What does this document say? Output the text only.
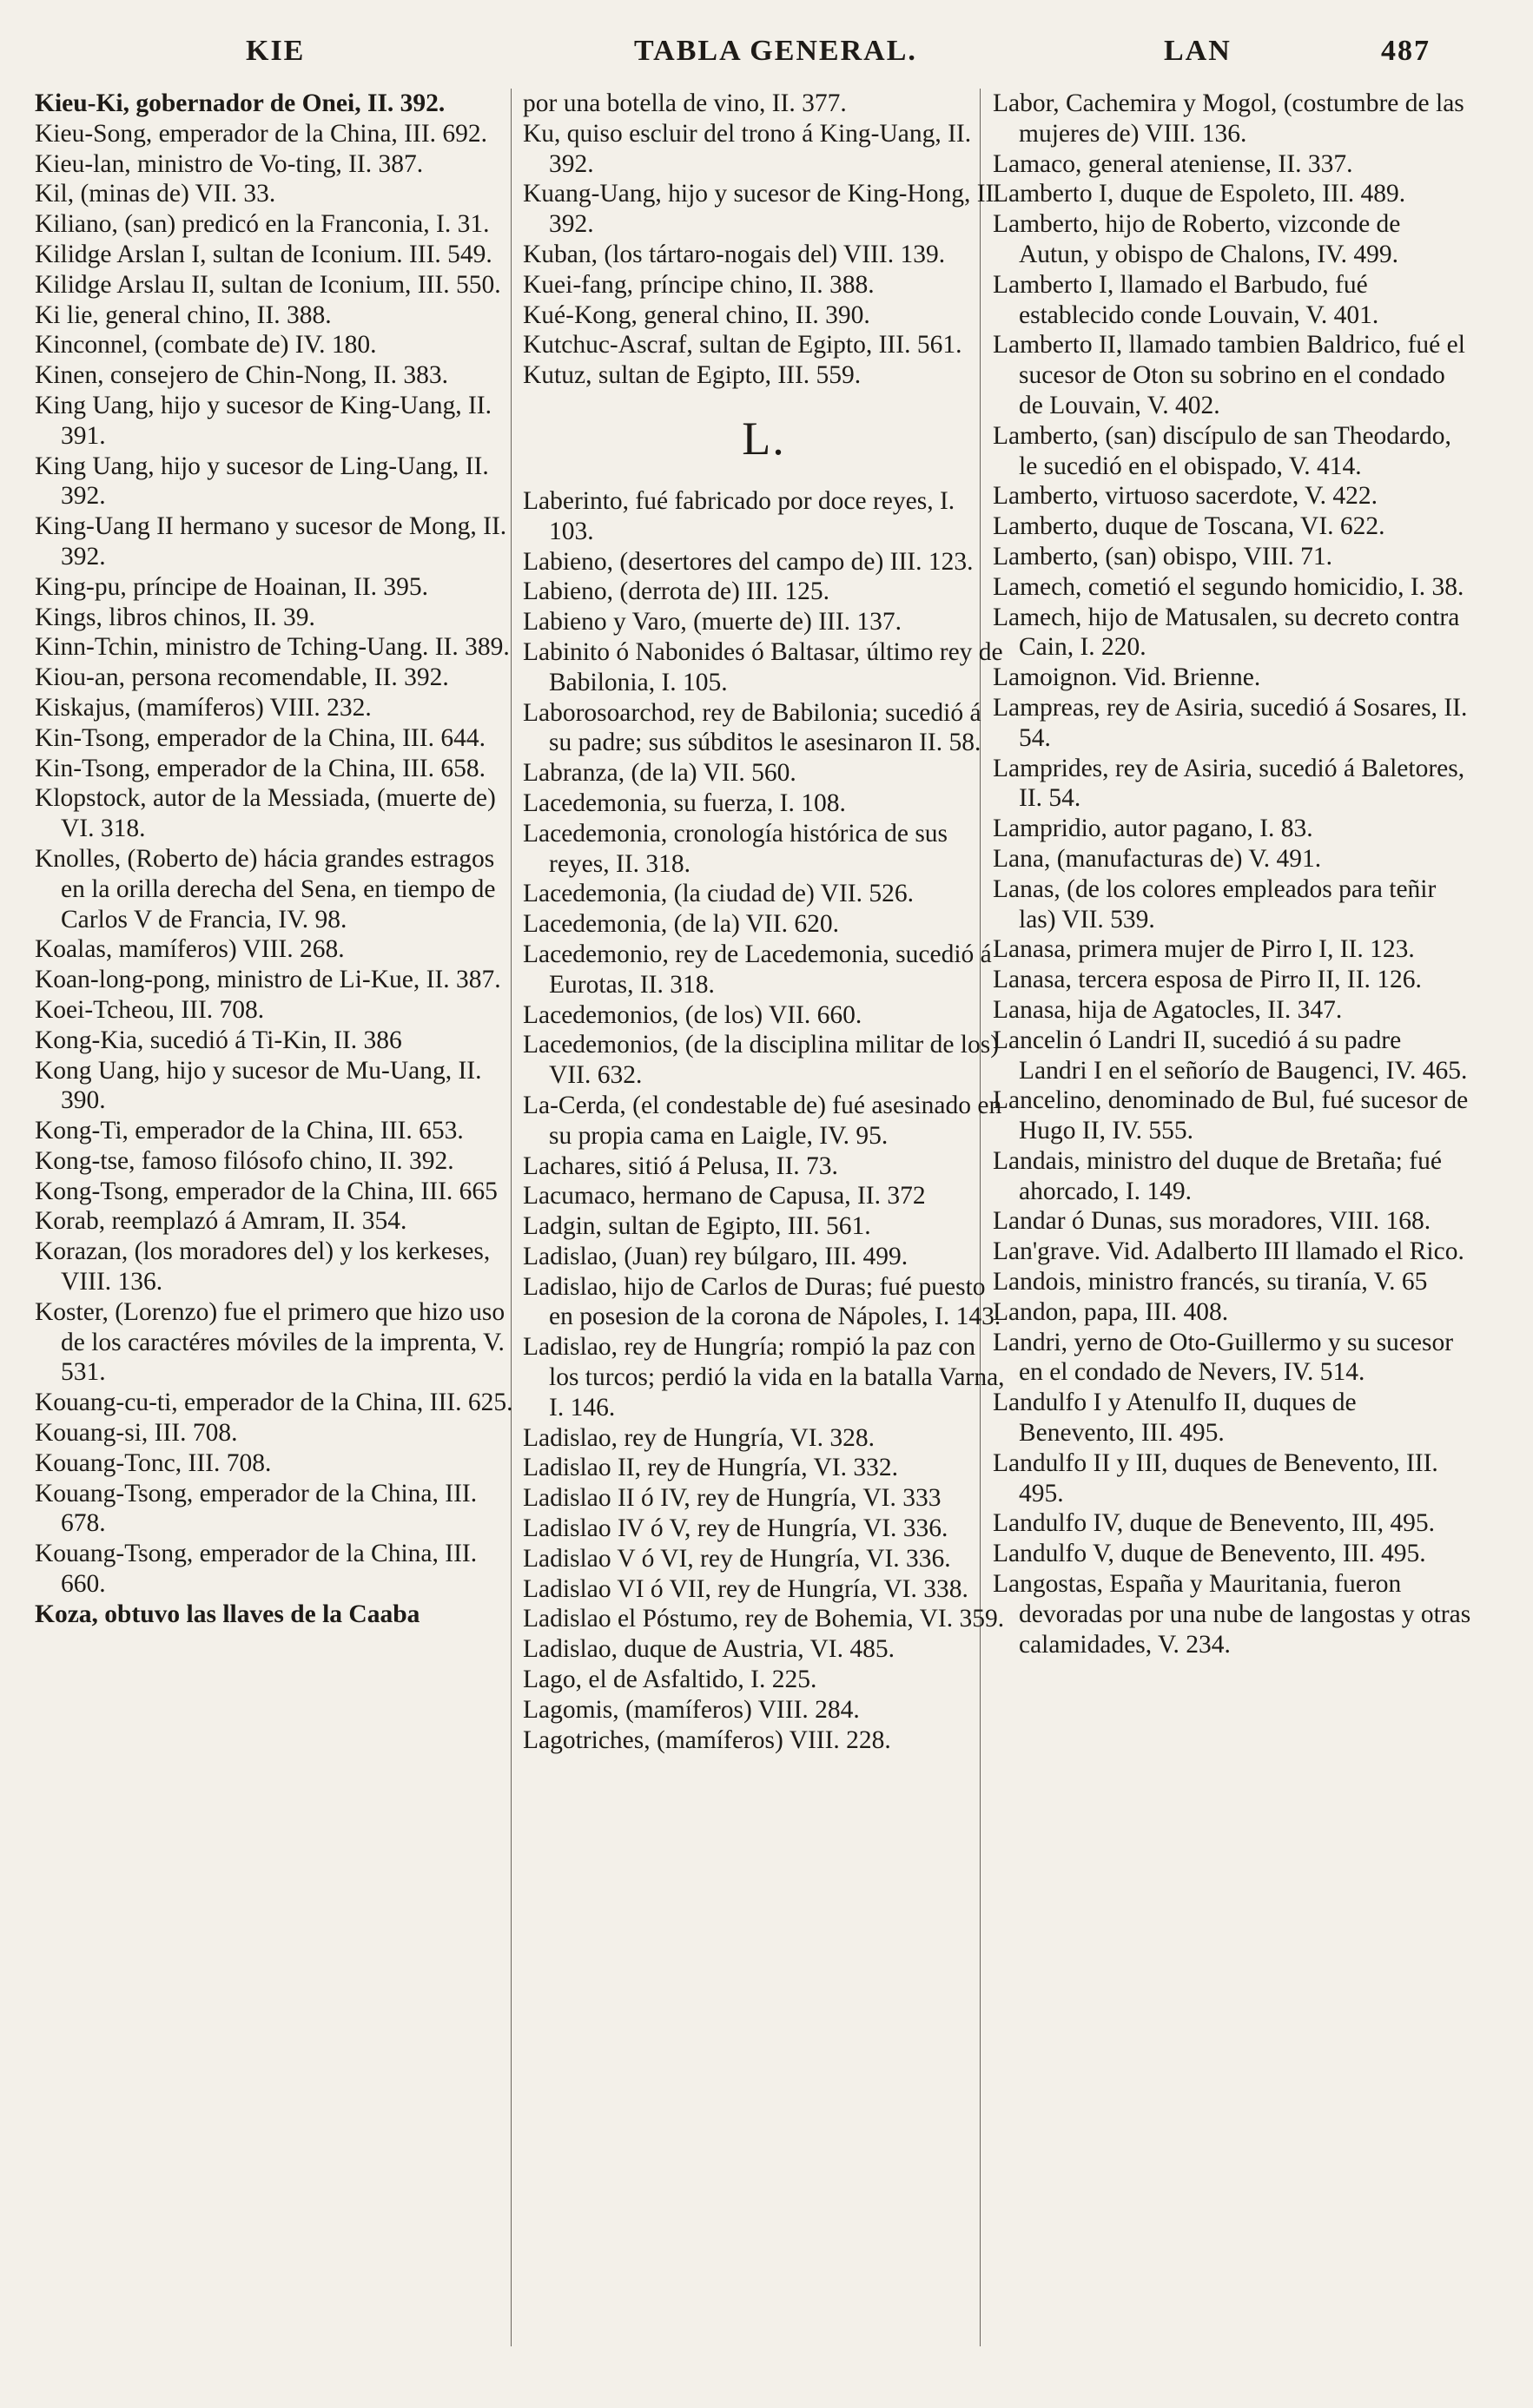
KIE	TABLA GENERAL.	LAN	487
Kieu-Ki, gobernador de Onei, II. 392.
Kieu-Song, emperador de la China, III. 692.
Kieu-lan, ministro de Vo-ting, II. 387.
Kil, (minas de) VII. 33.
Kiliano, (san) predicó en la Franconia, I. 31.
Kilidge Arslan I, sultan de Iconium. III. 549.
Kilidge Arslau II, sultan de Iconium, III. 550.
Ki lie, general chino, II. 388.
Kinconnel, (combate de) IV. 180.
Kinen, consejero de Chin-Nong, II. 383.
King Uang, hijo y sucesor de King-Uang, II. 391.
King Uang, hijo y sucesor de Ling-Uang, II. 392.
King-Uang II hermano y sucesor de Mong, II. 392.
King-pu, príncipe de Hoainan, II. 395.
Kings, libros chinos, II. 39.
Kinn-Tchin, ministro de Tching-Uang. II. 389.
Kiou-an, persona recomendable, II. 392.
Kiskajus, (mamíferos) VIII. 232.
Kin-Tsong, emperador de la China, III. 644.
Kin-Tsong, emperador de la China, III. 658.
Klopstock, autor de la Messiada, (muerte de) VI. 318.
Knolles, (Roberto de) hácia grandes estragos en la orilla derecha del Sena, en tiempo de Carlos V de Francia, IV. 98.
Koalas, mamíferos) VIII. 268.
Koan-long-pong, ministro de Li-Kue, II. 387.
Koei-Tcheou, III. 708.
Kong-Kia, sucedió á Ti-Kin, II. 386
Kong Uang, hijo y sucesor de Mu-Uang, II. 390.
Kong-Ti, emperador de la China, III. 653.
Kong-tse, famoso filósofo chino, II. 392.
Kong-Tsong, emperador de la China, III. 665
Korab, reemplazó á Amram, II. 354.
Korazan, (los moradores del) y los kerkeses, VIII. 136.
Koster, (Lorenzo) fue el primero que hizo uso de los caractéres móviles de la imprenta, V. 531.
Kouang-cu-ti, emperador de la China, III. 625.
Kouang-si, III. 708.
Kouang-Tonc, III. 708.
Kouang-Tsong, emperador de la China, III. 678.
Kouang-Tsong, emperador de la China, III. 660.
Koza, obtuvo las llaves de la Caaba
por una botella de vino, II. 377.
Ku, quiso escluir del trono á King-Uang, II. 392.
Kuang-Uang, hijo y sucesor de King-Hong, II. 392.
Kuban, (los tártaro-nogais del) VIII. 139.
Kuei-fang, príncipe chino, II. 388.
Kué-Kong, general chino, II. 390.
Kutchuc-Ascraf, sultan de Egipto, III. 561.
Kutuz, sultan de Egipto, III. 559.
L.
Laberinto, fué fabricado por doce reyes, I. 103.
Labieno, (desertores del campo de) III. 123.
Labieno, (derrota de) III. 125.
Labieno y Varo, (muerte de) III. 137.
Labinito ó Nabonides ó Baltasar, último rey de Babilonia, I. 105.
Laborosoarchod, rey de Babilonia; sucedió á su padre; sus súbditos le asesinaron II. 58.
Labranza, (de la) VII. 560.
Lacedemonia, su fuerza, I. 108.
Lacedemonia, cronología histórica de sus reyes, II. 318.
Lacedemonia, (la ciudad de) VII. 526.
Lacedemonia, (de la) VII. 620.
Lacedemonio, rey de Lacedemonia, sucedió á Eurotas, II. 318.
Lacedemonios, (de los) VII. 660.
Lacedemonios, (de la disciplina militar de los) VII. 632.
La-Cerda, (el condestable de) fué asesinado en su propia cama en Laigle, IV. 95.
Lachares, sitió á Pelusa, II. 73.
Lacumaco, hermano de Capusa, II. 372
Ladgin, sultan de Egipto, III. 561.
Ladislao, (Juan) rey búlgaro, III. 499.
Ladislao, hijo de Carlos de Duras; fué puesto en posesion de la corona de Nápoles, I. 143.
Ladislao, rey de Hungría; rompió la paz con los turcos; perdió la vida en la batalla Varna, I. 146.
Ladislao, rey de Hungría, VI. 328.
Ladislao II, rey de Hungría, VI. 332.
Ladislao II ó IV, rey de Hungría, VI. 333
Ladislao IV ó V, rey de Hungría, VI. 336.
Ladislao V ó VI, rey de Hungría, VI. 336.
Ladislao VI ó VII, rey de Hungría, VI. 338.
Ladislao el Póstumo, rey de Bohemia, VI. 359.
Ladislao, duque de Austria, VI. 485.
Lago, el de Asfaltido, I. 225.
Lagomis, (mamíferos) VIII. 284.
Lagotriches, (mamíferos) VIII. 228.
Labor, Cachemira y Mogol, (costumbre de las mujeres de) VIII. 136.
Lamaco, general ateniense, II. 337.
Lamberto I, duque de Espoleto, III. 489.
Lamberto, hijo de Roberto, vizconde de Autun, y obispo de Chalons, IV. 499.
Lamberto I, llamado el Barbudo, fué establecido conde Louvain, V. 401.
Lamberto II, llamado tambien Baldrico, fué el sucesor de Oton su sobrino en el condado de Louvain, V. 402.
Lamberto, (san) discípulo de san Theodardo, le sucedió en el obispado, V. 414.
Lamberto, virtuoso sacerdote, V. 422.
Lamberto, duque de Toscana, VI. 622.
Lamberto, (san) obispo, VIII. 71.
Lamech, cometió el segundo homicidio, I. 38.
Lamech, hijo de Matusalen, su decreto contra Cain, I. 220.
Lamoignon. Vid. Brienne.
Lampreas, rey de Asiria, sucedió á Sosares, II. 54.
Lamprides, rey de Asiria, sucedió á Baletores, II. 54.
Lampridio, autor pagano, I. 83.
Lana, (manufacturas de) V. 491.
Lanas, (de los colores empleados para teñir las) VII. 539.
Lanasa, primera mujer de Pirro I, II. 123.
Lanasa, tercera esposa de Pirro II, II. 126.
Lanasa, hija de Agatocles, II. 347.
Lancelin ó Landri II, sucedió á su padre Landri I en el señorío de Baugenci, IV. 465.
Lancelino, denominado de Bul, fué sucesor de Hugo II, IV. 555.
Landais, ministro del duque de Bretaña; fué ahorcado, I. 149.
Landar ó Dunas, sus moradores, VIII. 168.
Lan'grave. Vid. Adalberto III llamado el Rico.
Landois, ministro francés, su tiranía, V. 65
Landon, papa, III. 408.
Landri, yerno de Oto-Guillermo y su sucesor en el condado de Nevers, IV. 514.
Landulfo I y Atenulfo II, duques de Benevento, III. 495.
Landulfo II y III, duques de Benevento, III. 495.
Landulfo IV, duque de Benevento, III, 495.
Landulfo V, duque de Benevento, III. 495.
Langostas, España y Mauritania, fueron devoradas por una nube de langostas y otras calamidades, V. 234.
